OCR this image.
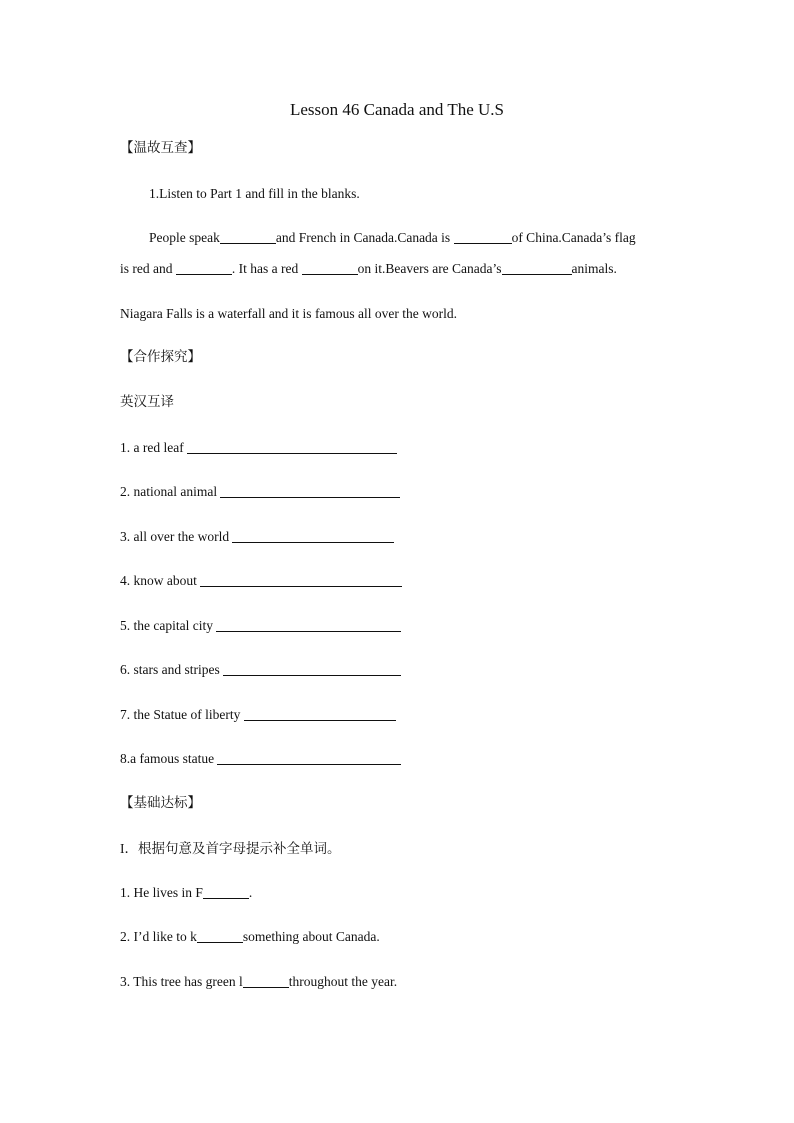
Lesson 46 Canada and The U.S
【温故互查】
1.Listen to Part 1 and fill in the blanks.
People speak	and French in Canada.Canada is	of China.Canada’s flag
is red and	. It has a red	on it.Beavers are Canada’s	animals.
Niagara Falls is a waterfall and it is famous all over the world.
【合作探究】
英汉互译
1. a red leaf
2. national animal
3. all over the world
4. know about
5. the capital city
6. stars and stripes
7. the Statue of liberty
8.a famous statue
【基础达标】
I．根据句意及首字母提示补全单词。
1. He lives in F	.
2. I’d like to k	something about Canada.
3. This tree has green l	throughout the year.
